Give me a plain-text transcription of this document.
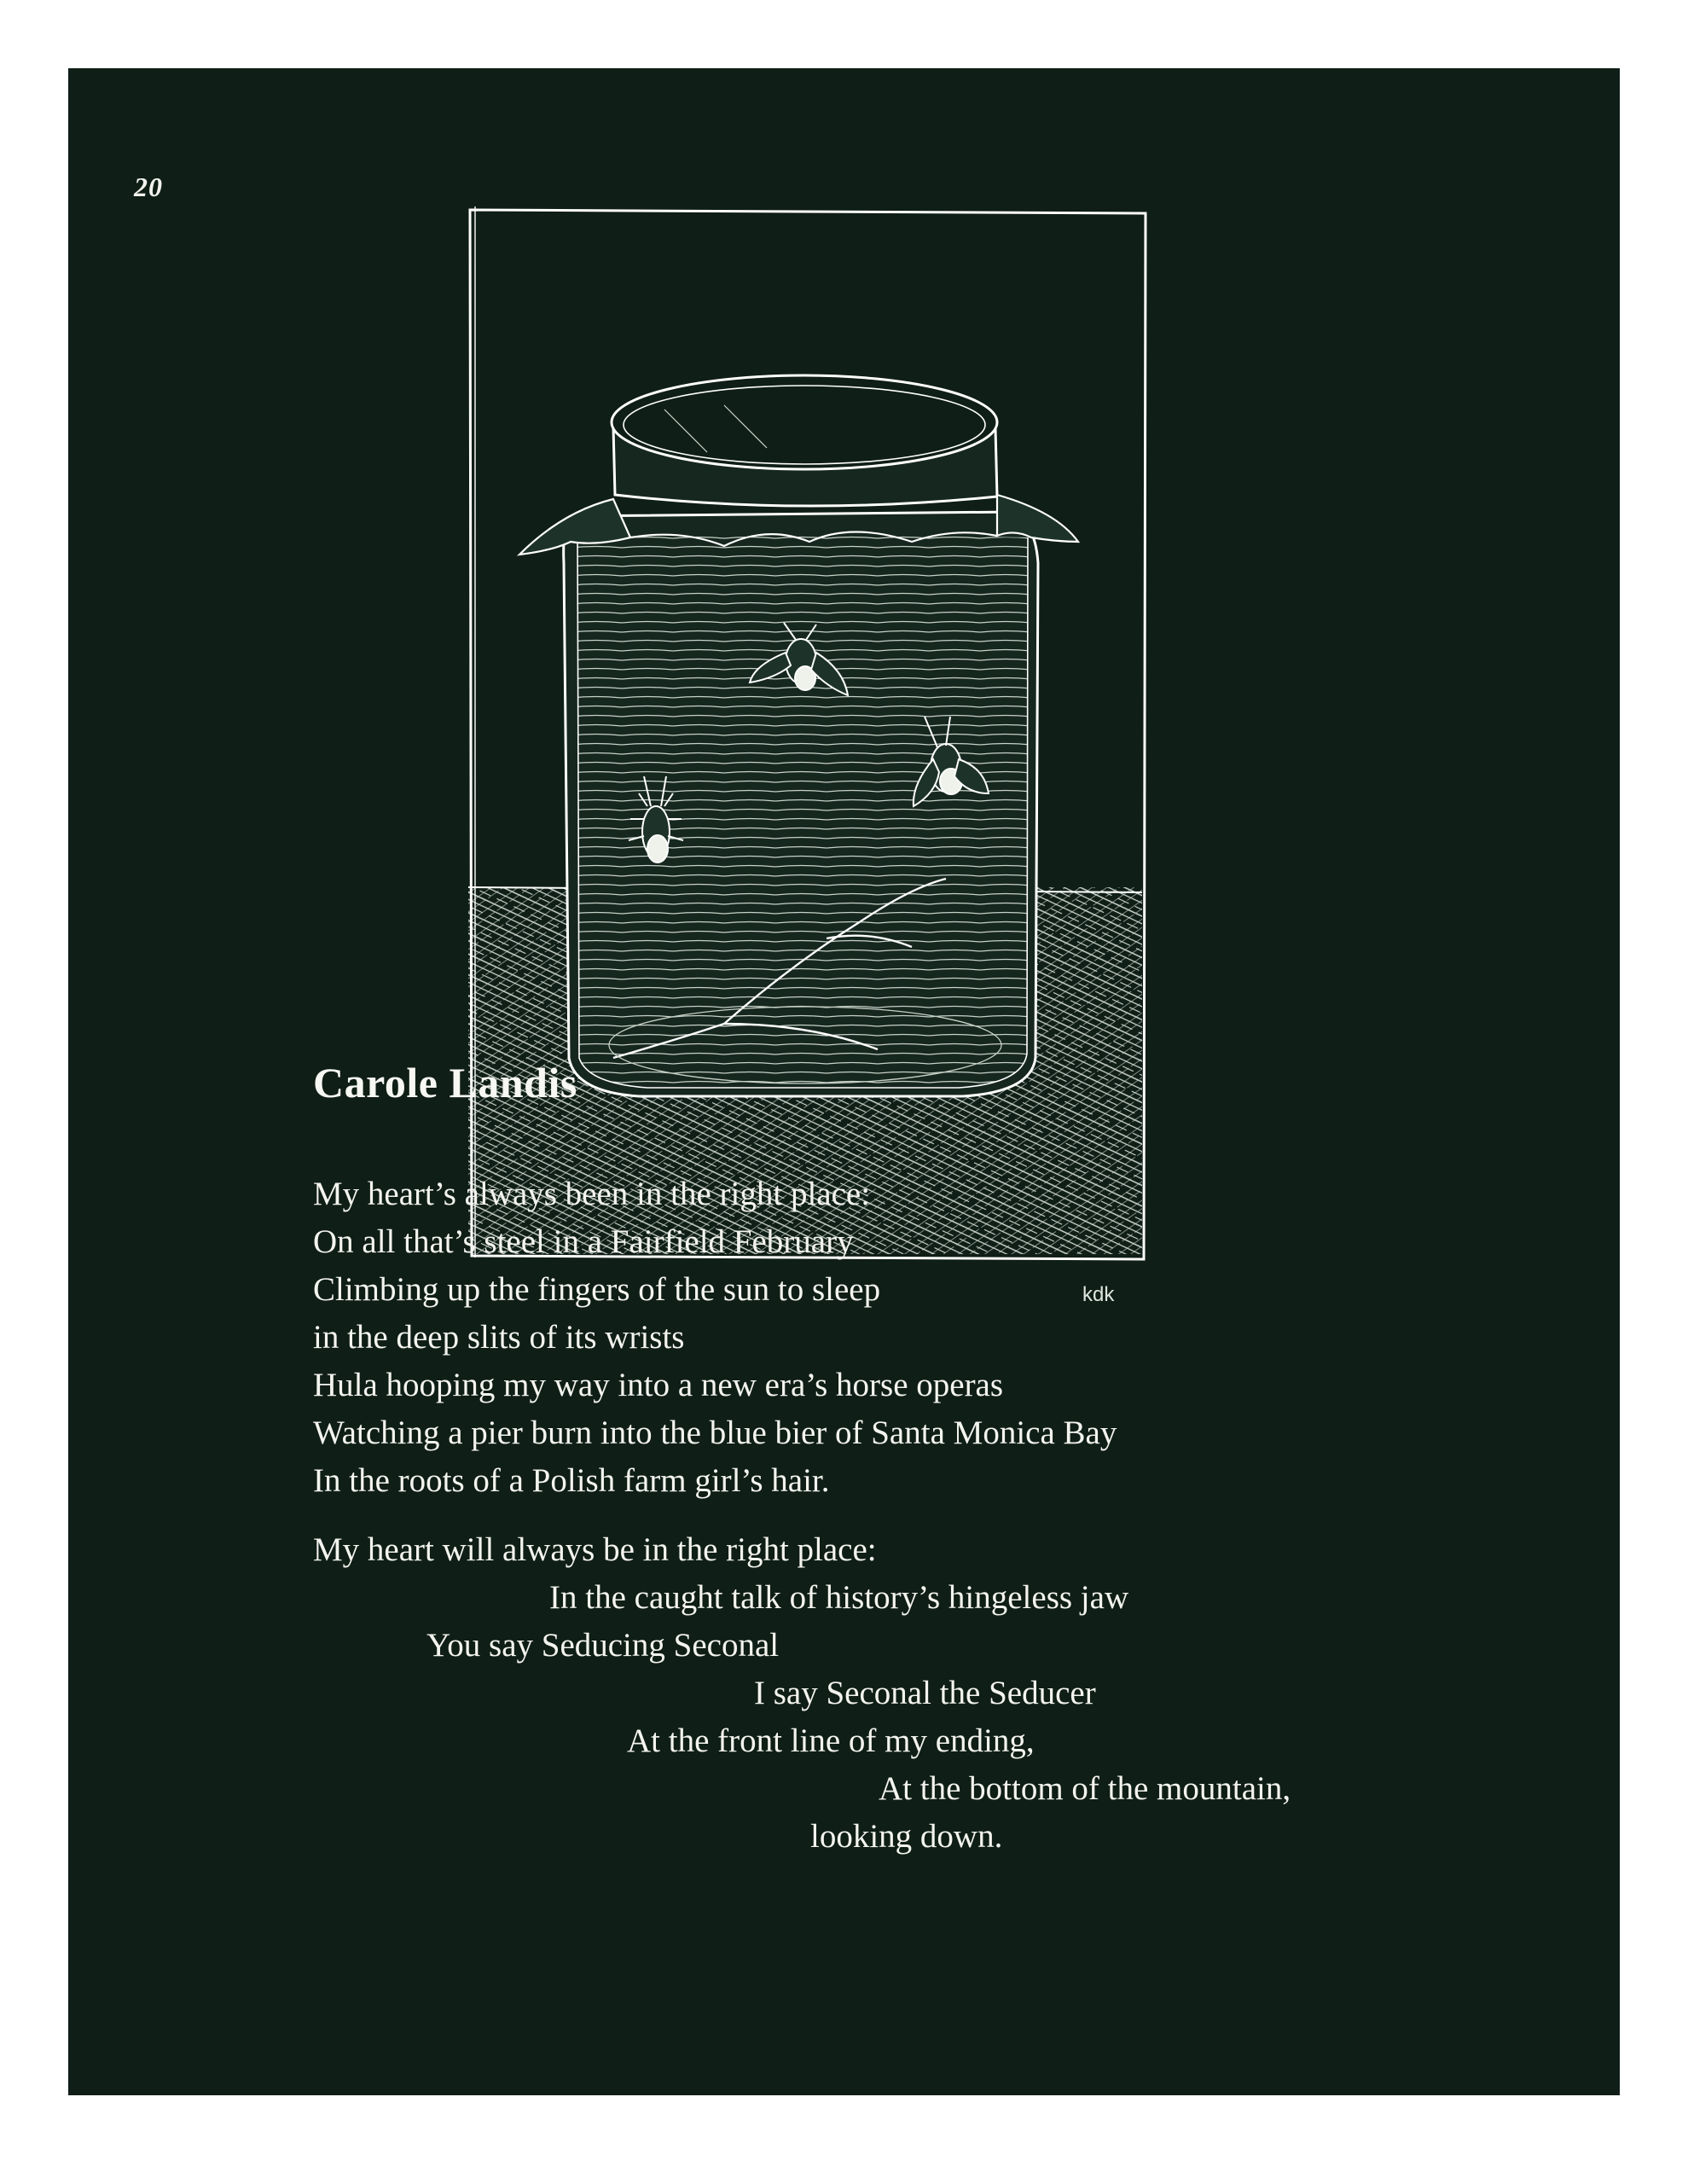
20
kdk
Carole Landis
My heart’s always been in the right place:
On all that’s steel in a Fairfield February
Climbing up the fingers of the sun to sleep
in the deep slits of its wrists
Hula hooping my way into a new era’s horse operas
Watching a pier burn into the blue bier of Santa Monica Bay
In the roots of a Polish farm girl’s hair.
My heart will always be in the right place:
In the caught talk of history’s hingeless jaw
You say Seducing Seconal
I say Seconal the Seducer
At the front line of my ending,
At the bottom of the mountain,
looking down.
